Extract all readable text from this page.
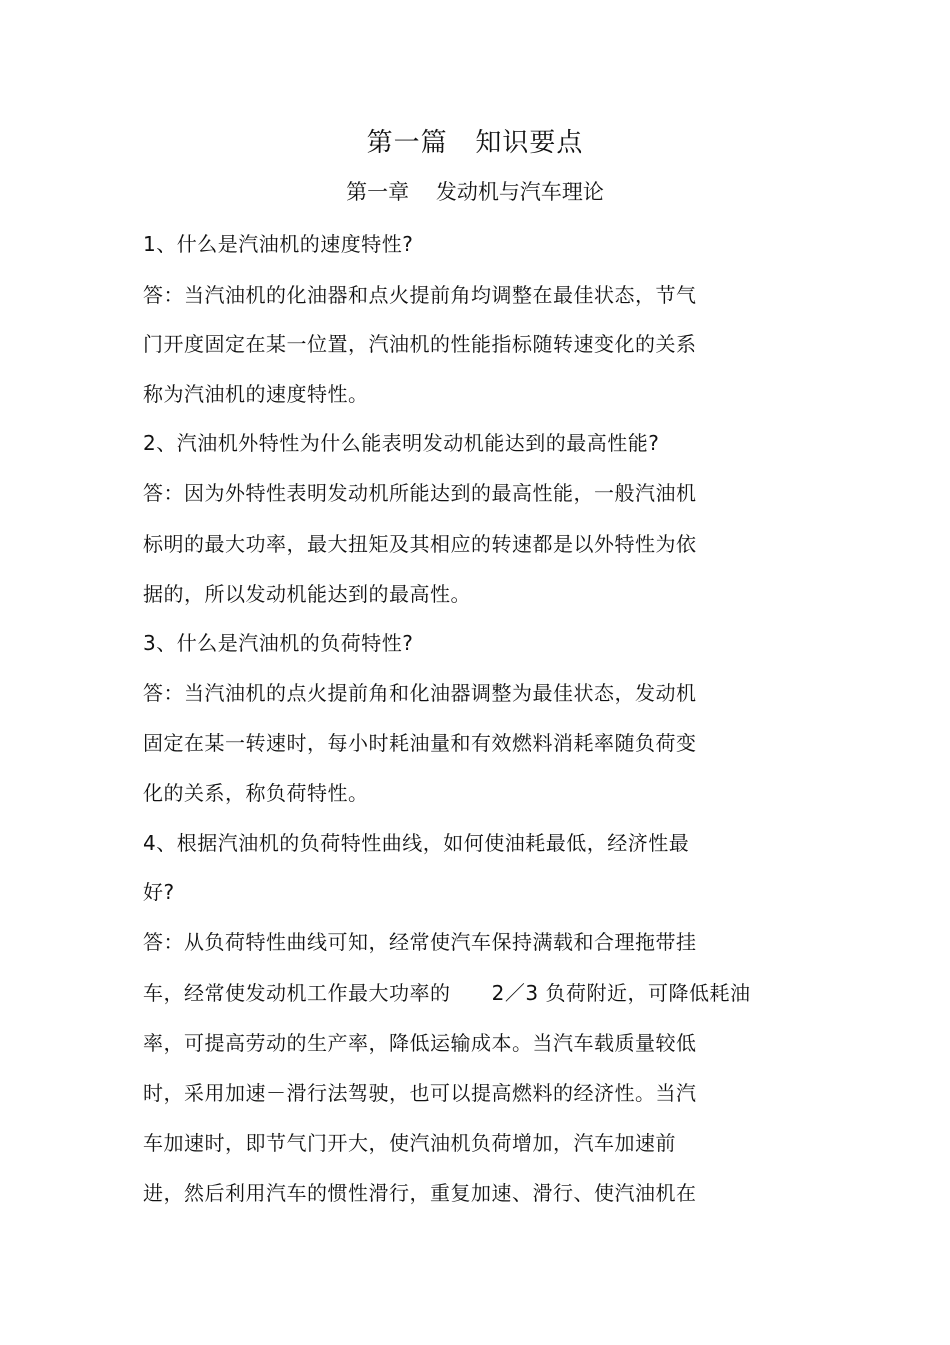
第一篇   知识要点
第一章    发动机与汽车理论
1、什么是汽油机的速度特性?
答：当汽油机的化油器和点火提前角均调整在最佳状态，节气
门开度固定在某一位置，汽油机的性能指标随转速变化的关系
称为汽油机的速度特性。
2、汽油机外特性为什么能表明发动机能达到的最高性能?
答：因为外特性表明发动机所能达到的最高性能，一般汽油机
标明的最大功率，最大扭矩及其相应的转速都是以外特性为依
据的，所以发动机能达到的最高性。
3、什么是汽油机的负荷特性?
答：当汽油机的点火提前角和化油器调整为最佳状态，发动机
固定在某一转速时，每小时耗油量和有效燃料消耗率随负荷变
化的关系，称负荷特性。
4、根据汽油机的负荷特性曲线，如何使油耗最低，经济性最
好?
答：从负荷特性曲线可知，经常使汽车保持满载和合理拖带挂
车，经常使发动机工作最大功率的      2／3 负荷附近，可降低耗油
率，可提高劳动的生产率，降低运输成本。当汽车载质量较低
时，采用加速－滑行法驾驶，也可以提高燃料的经济性。当汽
车加速时，即节气门开大，使汽油机负荷增加，汽车加速前
进，然后利用汽车的惯性滑行，重复加速、滑行、使汽油机在
